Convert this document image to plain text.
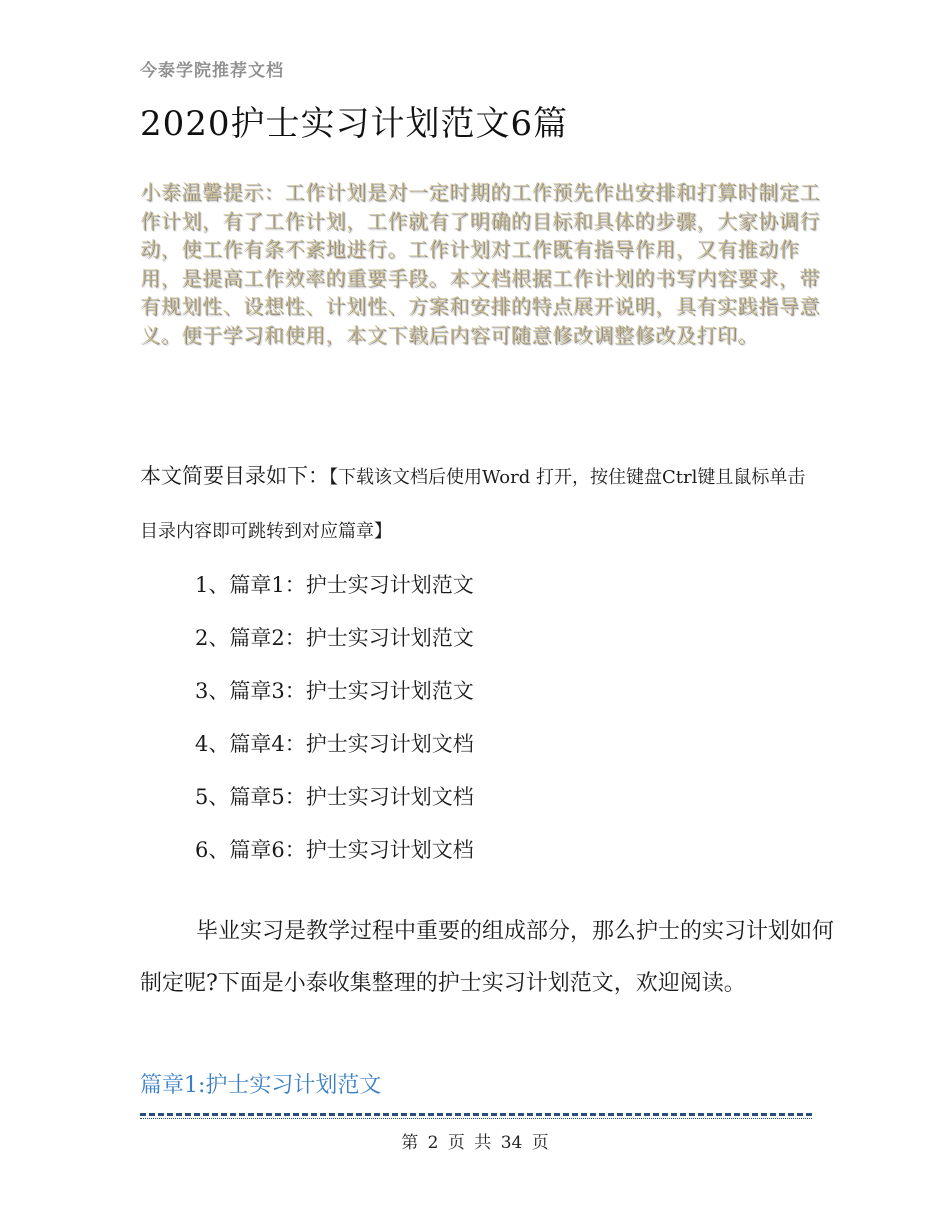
今泰学院推荐文档
2020护士实习计划范文6篇
小泰温馨提示：工作计划是对一定时期的工作预先作出安排和打算时制定工作计划，有了工作计划，工作就有了明确的目标和具体的步骤，大家协调行动，使工作有条不紊地进行。工作计划对工作既有指导作用，又有推动作用，是提高工作效率的重要手段。本文档根据工作计划的书写内容要求，带有规划性、设想性、计划性、方案和安排的特点展开说明，具有实践指导意义。便于学习和使用，本文下载后内容可随意修改调整修改及打印。
本文简要目录如下：【下载该文档后使用Word 打开，按住键盘Ctrl键且鼠标单击目录内容即可跳转到对应篇章】
1、篇章1：护士实习计划范文
2、篇章2：护士实习计划范文
3、篇章3：护士实习计划范文
4、篇章4：护士实习计划文档
5、篇章5：护士实习计划文档
6、篇章6：护士实习计划文档

毕业实习是教学过程中重要的组成部分，那么护士的实习计划如何制定呢?下面是小泰收集整理的护士实习计划范文，欢迎阅读。

篇章1:护士实习计划范文
第 2 页 共 34 页
